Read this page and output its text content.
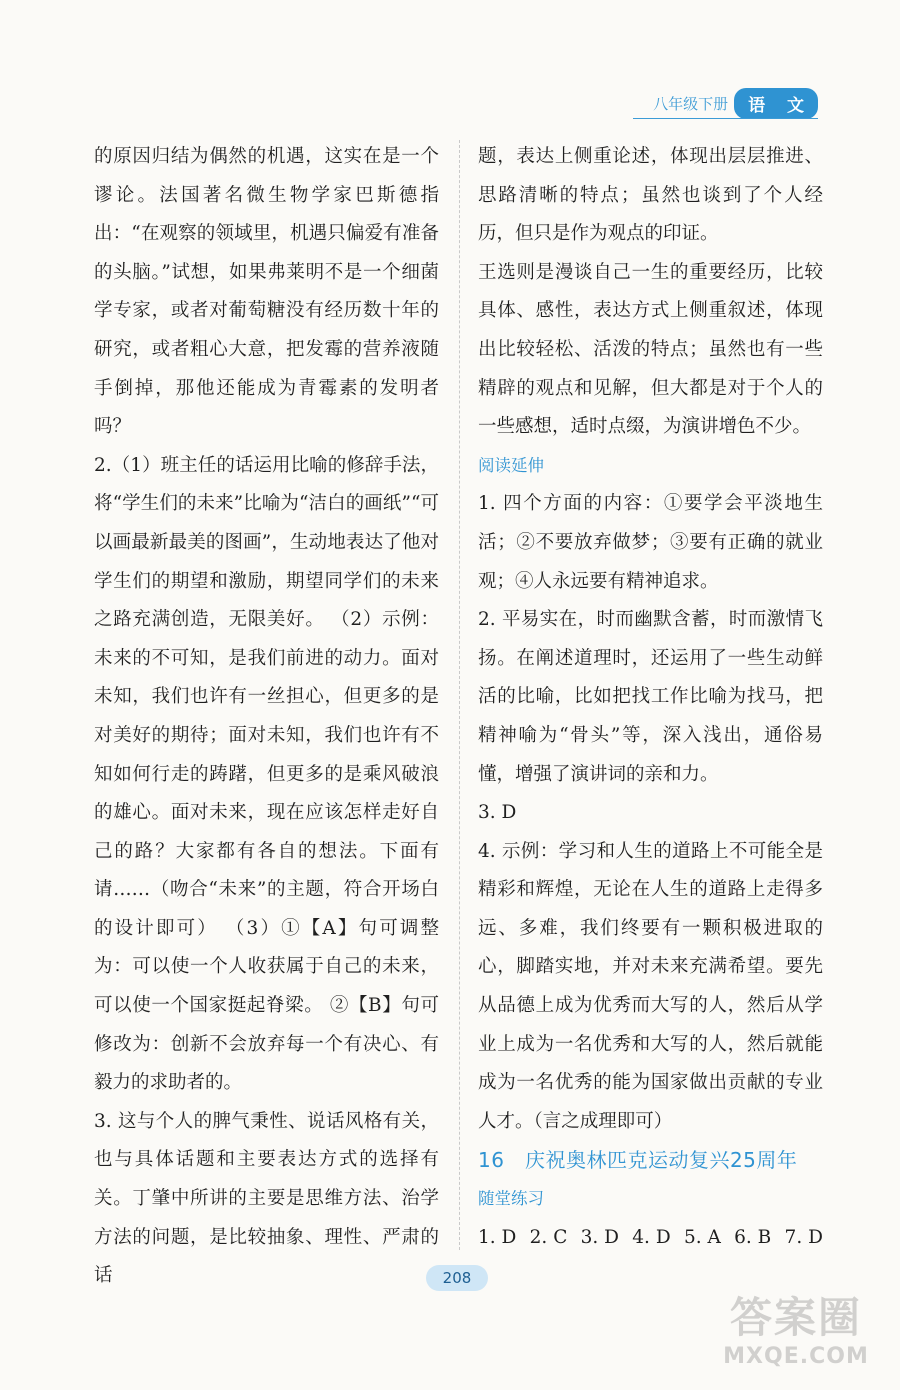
八年级下册	语 文

的原因归结为偶然的机遇，这实在是一个谬论。法国著名微生物学家巴斯德指出：“在观察的领域里，机遇只偏爱有准备的头脑。”试想，如果弗莱明不是一个细菌学专家，或者对葡萄糖没有经历数十年的研究，或者粗心大意，把发霉的营养液随手倒掉，那他还能成为青霉素的发明者吗？

2.（1）班主任的话运用比喻的修辞手法，将“学生们的未来”比喻为“洁白的画纸”“可以画最新最美的图画”，生动地表达了他对学生们的期望和激励，期望同学们的未来之路充满创造，无限美好。 （2）示例：未来的不可知，是我们前进的动力。面对未知，我们也许有一丝担心，但更多的是对美好的期待；面对未知，我们也许有不知如何行走的踌躇，但更多的是乘风破浪的雄心。面对未来，现在应该怎样走好自己的路？大家都有各自的想法。下面有请……（吻合“未来”的主题，符合开场白的设计即可） （3）①【A】句可调整为：可以使一个人收获属于自己的未来，可以使一个国家挺起脊梁。 ②【B】句可修改为：创新不会放弃每一个有决心、有毅力的求助者的。

3. 这与个人的脾气秉性、说话风格有关，也与具体话题和主要表达方式的选择有关。丁肇中所讲的主要是思维方法、治学方法的问题，是比较抽象、理性、严肃的话

题，表达上侧重论述，体现出层层推进、思路清晰的特点；虽然也谈到了个人经历，但只是作为观点的印证。

王选则是漫谈自己一生的重要经历，比较具体、感性，表达方式上侧重叙述，体现出比较轻松、活泼的特点；虽然也有一些精辟的观点和见解，但大都是对于个人的一些感想，适时点缀，为演讲增色不少。

阅读延伸

1. 四个方面的内容：①要学会平淡地生活；②不要放弃做梦；③要有正确的就业观；④人永远要有精神追求。

2. 平易实在，时而幽默含蓄，时而激情飞扬。在阐述道理时，还运用了一些生动鲜活的比喻，比如把找工作比喻为找马，把精神喻为“骨头”等，深入浅出，通俗易懂，增强了演讲词的亲和力。

3. D

4. 示例：学习和人生的道路上不可能全是精彩和辉煌，无论在人生的道路上走得多远、多难，我们终要有一颗积极进取的心，脚踏实地，并对未来充满希望。要先从品德上成为优秀而大写的人，然后从学业上成为一名优秀和大写的人，然后就能成为一名优秀的能为国家做出贡献的专业人才。（言之成理即可）

16　庆祝奥林匹克运动复兴25周年

随堂练习

1. D 2. C 3. D 4. D 5. A 6. B 7. D
208
答案圈
MXQE.COM
